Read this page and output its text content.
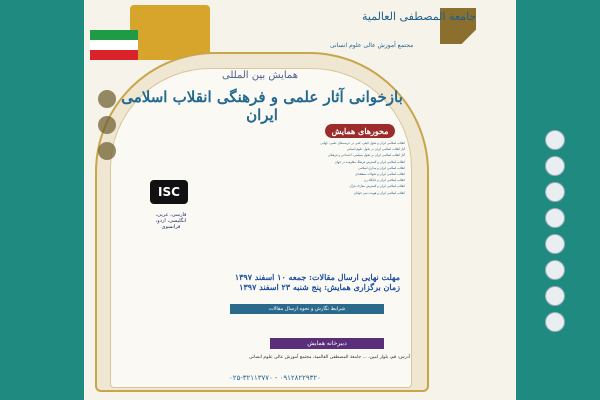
جامعة المصطفى العالمية
مجتمع آموزش عالی علوم انسانی
همایش بین المللی
بازخوانی آثار علمی و فرهنگی انقلاب اسلامی ایران
محورهای همایش
انقلاب اسلامی ایران و تحول کیفی، کمی در عرصه‌های علمی، جهانی
آثار انقلاب اسلامی ایران در تحول علوم انسانی
آثار انقلاب اسلامی ایران بر تحول سیاسی، اجتماعی و فرهنگی
انقلاب اسلامی ایران و گسترش فرهنگ مقاومت در جهان
انقلاب اسلامی ایران و بیداری اسلامی
انقلاب اسلامی ایران و تحولات منطقه‌ای
انقلاب اسلامی ایران و جایگاه زن
انقلاب اسلامی ایران و گسترش معارف قرآن
انقلاب اسلامی ایران و هویت دینی جوانان
ISC
فارسی، عربی، انگلیسی، اردو، فرانسوی
مهلت نهایی ارسال مقالات: جمعه ۱۰ اسفند ۱۳۹۷
زمان برگزاری همایش: پنج شنبه ۲۳ اسفند ۱۳۹۷
شرایط نگارش و نحوه ارسال مقالات
دبیرخانه همایش
آدرس: قم، بلوار امین، ... جامعة المصطفی العالمیة، مجتمع آموزش عالی علوم انسانی
۰۲۵-۳۲۱۱۳۷۷۰ - ۰۹۱۲۸۲۲۹۳۲۰
